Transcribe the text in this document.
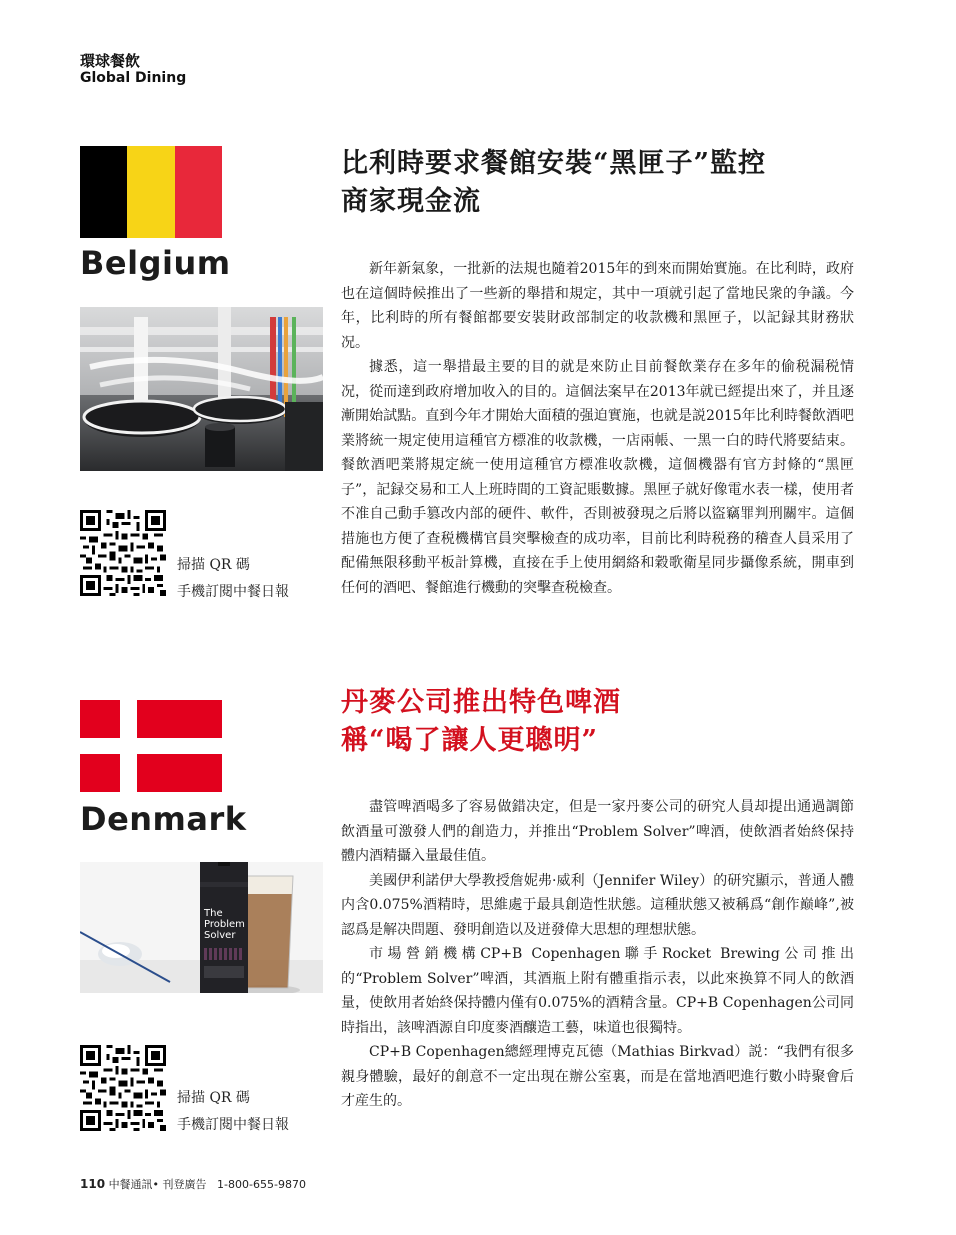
環球餐飲
Global Dining
Belgium
掃描 QR 碼
手機訂閱中餐日報
比利時要求餐館安裝“黑匣子”監控
商家現金流

新年新氣象，一批新的法規也隨着2015年的到來而開始實施。在比利時，政府也在這個時候推出了一些新的舉措和規定，其中一項就引起了當地民衆的争議。今年，比利時的所有餐館都要安裝財政部制定的收款機和黑匣子，以記録其財務狀况。

據悉，這一舉措最主要的目的就是來防止目前餐飲業存在多年的偷税漏税情况，從而達到政府增加收入的目的。這個法案早在2013年就已經提出來了，并且逐漸開始試點。直到今年才開始大面積的强迫實施，也就是説2015年比利時餐飲酒吧業將統一規定使用這種官方標准的收款機，一店兩帳、一黑一白的時代將要結束。餐飲酒吧業將規定統一使用這種官方標准收款機，這個機器有官方封條的“黑匣子”，記録交易和工人上班時間的工資記賬數據。黑匣子就好像電水表一樣，使用者不准自己動手篡改内部的硬件、軟件，否則被發現之后將以盜竊罪判刑關牢。這個措施也方便了查税機構官員突擊檢查的成功率，目前比利時税務的稽查人員采用了配備無限移動平板計算機，直接在手上使用網絡和穀歌衛星同步攝像系統，開車到任何的酒吧、餐館進行機動的突擊查税檢查。

Denmark
The
Problem
Solver
掃描 QR 碼
手機訂閱中餐日報
丹麥公司推出特色啤酒
稱“喝了讓人更聰明”

盡管啤酒喝多了容易做錯决定，但是一家丹麥公司的研究人員却提出通過調節飲酒量可激發人們的創造力，并推出“Problem Solver”啤酒，使飲酒者始終保持體内酒精攝入量最佳值。

美國伊利諾伊大學教授詹妮弗·威利（Jennifer Wiley）的研究顯示，普通人體内含0.075%酒精時，思維處于最具創造性狀態。這種狀態又被稱爲“創作巅峰”,被認爲是解决問題、發明創造以及迸發偉大思想的理想狀態。

市場營銷機構CP+B Copenhagen聯手Rocket Brewing公司推出的“Problem Solver”啤酒，其酒瓶上附有體重指示表，以此來换算不同人的飲酒量，使飲用者始終保持體内僅有0.075%的酒精含量。CP+B Copenhagen公司同時指出，該啤酒源自印度麥酒釀造工藝，味道也很獨特。

CP+B Copenhagen總經理博克瓦德（Mathias Birkvad）説：“我們有很多親身體驗，最好的創意不一定出現在辦公室裏，而是在當地酒吧進行數小時聚會后才産生的。

110 中餐通訊• 刊登廣告 1-800-655-9870
